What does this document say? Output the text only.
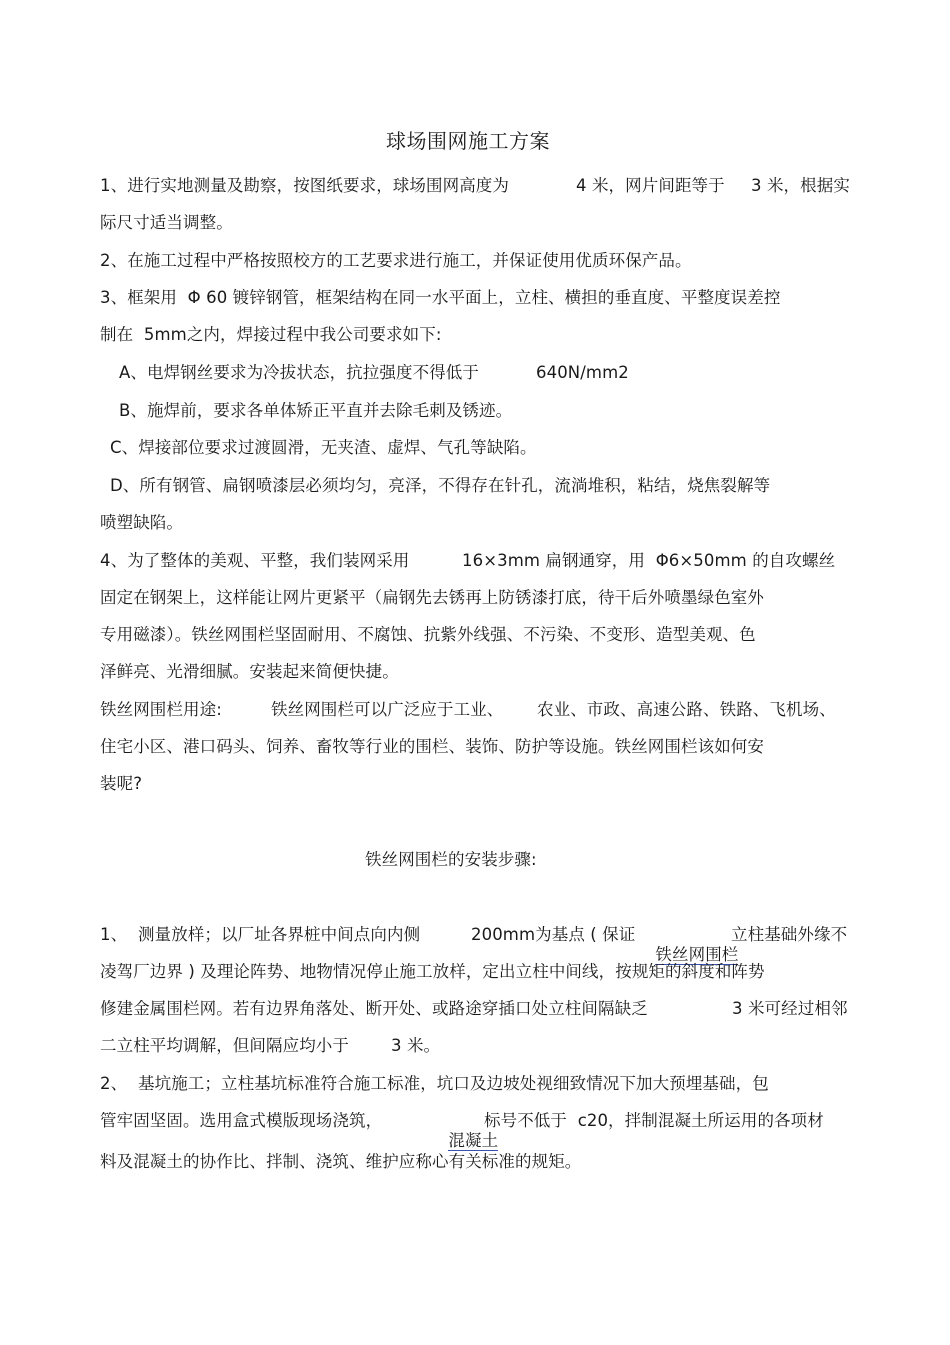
球场围网施工方案
1、进行实地测量及勘察，按图纸要求，球场围网高度为	4 米，网片间距等于 3 米，根据实
际尺寸适当调整。
2、在施工过程中严格按照校方的工艺要求进行施工，并保证使用优质环保产品。
3、框架用  Φ 60 镀锌钢管，框架结构在同一水平面上，立柱、横担的垂直度、平整度误差控
制在  5mm之内，焊接过程中我公司要求如下:
A、电焊钢丝要求为冷拔状态，抗拉强度不得低于	640N/mm2
B、施焊前，要求各单体矫正平直并去除毛刺及锈迹。
C、焊接部位要求过渡圆滑，无夹渣、虚焊、气孔等缺陷。
D、所有钢管、扁钢喷漆层必须均匀，亮泽，不得存在针孔，流淌堆积，粘结，烧焦裂解等
喷塑缺陷。
4、为了整体的美观、平整，我们装网采用	16×3mm 扁钢通穿，用  Φ6×50mm 的自攻螺丝
固定在钢架上，这样能让网片更紧平（扁钢先去锈再上防锈漆打底，待干后外喷墨绿色室外
专用磁漆）。铁丝网围栏坚固耐用、不腐蚀、抗紫外线强、不污染、不变形、造型美观、色
泽鲜亮、光滑细腻。安装起来简便快捷。
铁丝网围栏用途:	铁丝网围栏可以广泛应于工业、 农业、市政、高速公路、铁路、飞机场、
住宅小区、港口码头、饲养、畜牧等行业的围栏、装饰、防护等设施。铁丝网围栏该如何安
装呢?
铁丝网围栏的安装步骤:
1、 测量放样；以厂址各界桩中间点向内侧	200mm为基点 ( 保证

铁丝网围栏

立柱基础外缘不
凌驾厂边界 ) 及理论阵势、地物情况停止施工放样，定出立柱中间线，按规矩的斜度和阵势
修建金属围栏网。若有边界角落处、断开处、或路途穿插口处立柱间隔缺乏	3 米可经过相邻
二立柱平均调解，但间隔应均小于	3 米。
2、 基坑施工；立柱基坑标准符合施工标准，坑口及边坡处视细致情况下加大预埋基础，包
管牢固坚固。选用盒式模版现场浇筑，

混凝土

标号不低于  c20，拌制混凝土所运用的各项材
料及混凝土的协作比、拌制、浇筑、维护应称心有关标准的规矩。
